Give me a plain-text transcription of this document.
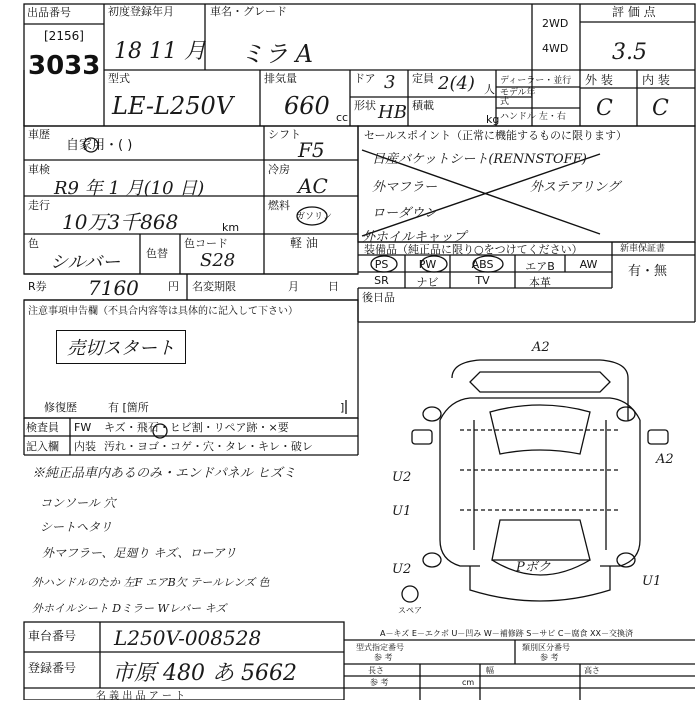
出品番号
[2156]
3033
初度登録年月
18 11 月
車名・グレード
ミラ A
2WD
4WD
評 価 点
3.5
型式
LE-L250V
排気量
660 cc
ドア 3 定員 2(4) 人
形状 HB 積載
kg
ディーラー・並行
モデル年式
ハンドル 左・右
外 装 内 装
C C
車歴
自家用・( )
車検
R9 年 1 月(10 日)
走行
10万3千868	km
色
シルバー 色替
色コード
S28
シフト
F5
冷房
AC
燃料
ガソリン
軽 油
R券 7160	円 名変期限	月	日
セールスポイント（正常に機能するものに限ります）
日産バケットシート(RENNSTOFF)
外マフラー
ローダウン
外ステアリング
外ホイルキャップ
装備品（純正品に限り○をつけてください）	新車保証書
有・無
PS	PW	ABS	エアB	AW
SR	ナビ	TV	本革
後日品
注意事項申告欄（不具合内容等は具体的に記入して下さい）
売切スタート
修復歴	有 [箇所	]
検査員
記入欄
FW キズ・飛石・ヒビ割・リペア跡・×要
内装 汚れ・ヨゴ・コゲ・穴・タレ・キレ・破レ
※純正品車内あるのみ・エンドパネル ヒズミ
コンソール 穴
シートヘタリ
外マフラー、足廻り キズ、ローアリ
外ハンドルのたか 左F エアB欠 テールレンズ 色
外ホイルシート Dミラー Wレバー キズ
車台番号 L250V-008528
登録番号 市原 480 あ 5662
名 義 出 品 ア ー ト
A2
A2
U2
U1
U2
U1
Pボク
スペア
A－キズ E－エクボ U－凹み W－補修跡 S－サビ C－腐食 XX－交換済
型式指定番号
参 考
類別区分番号
参 考
長さ	幅	高さ
参 考	cm
